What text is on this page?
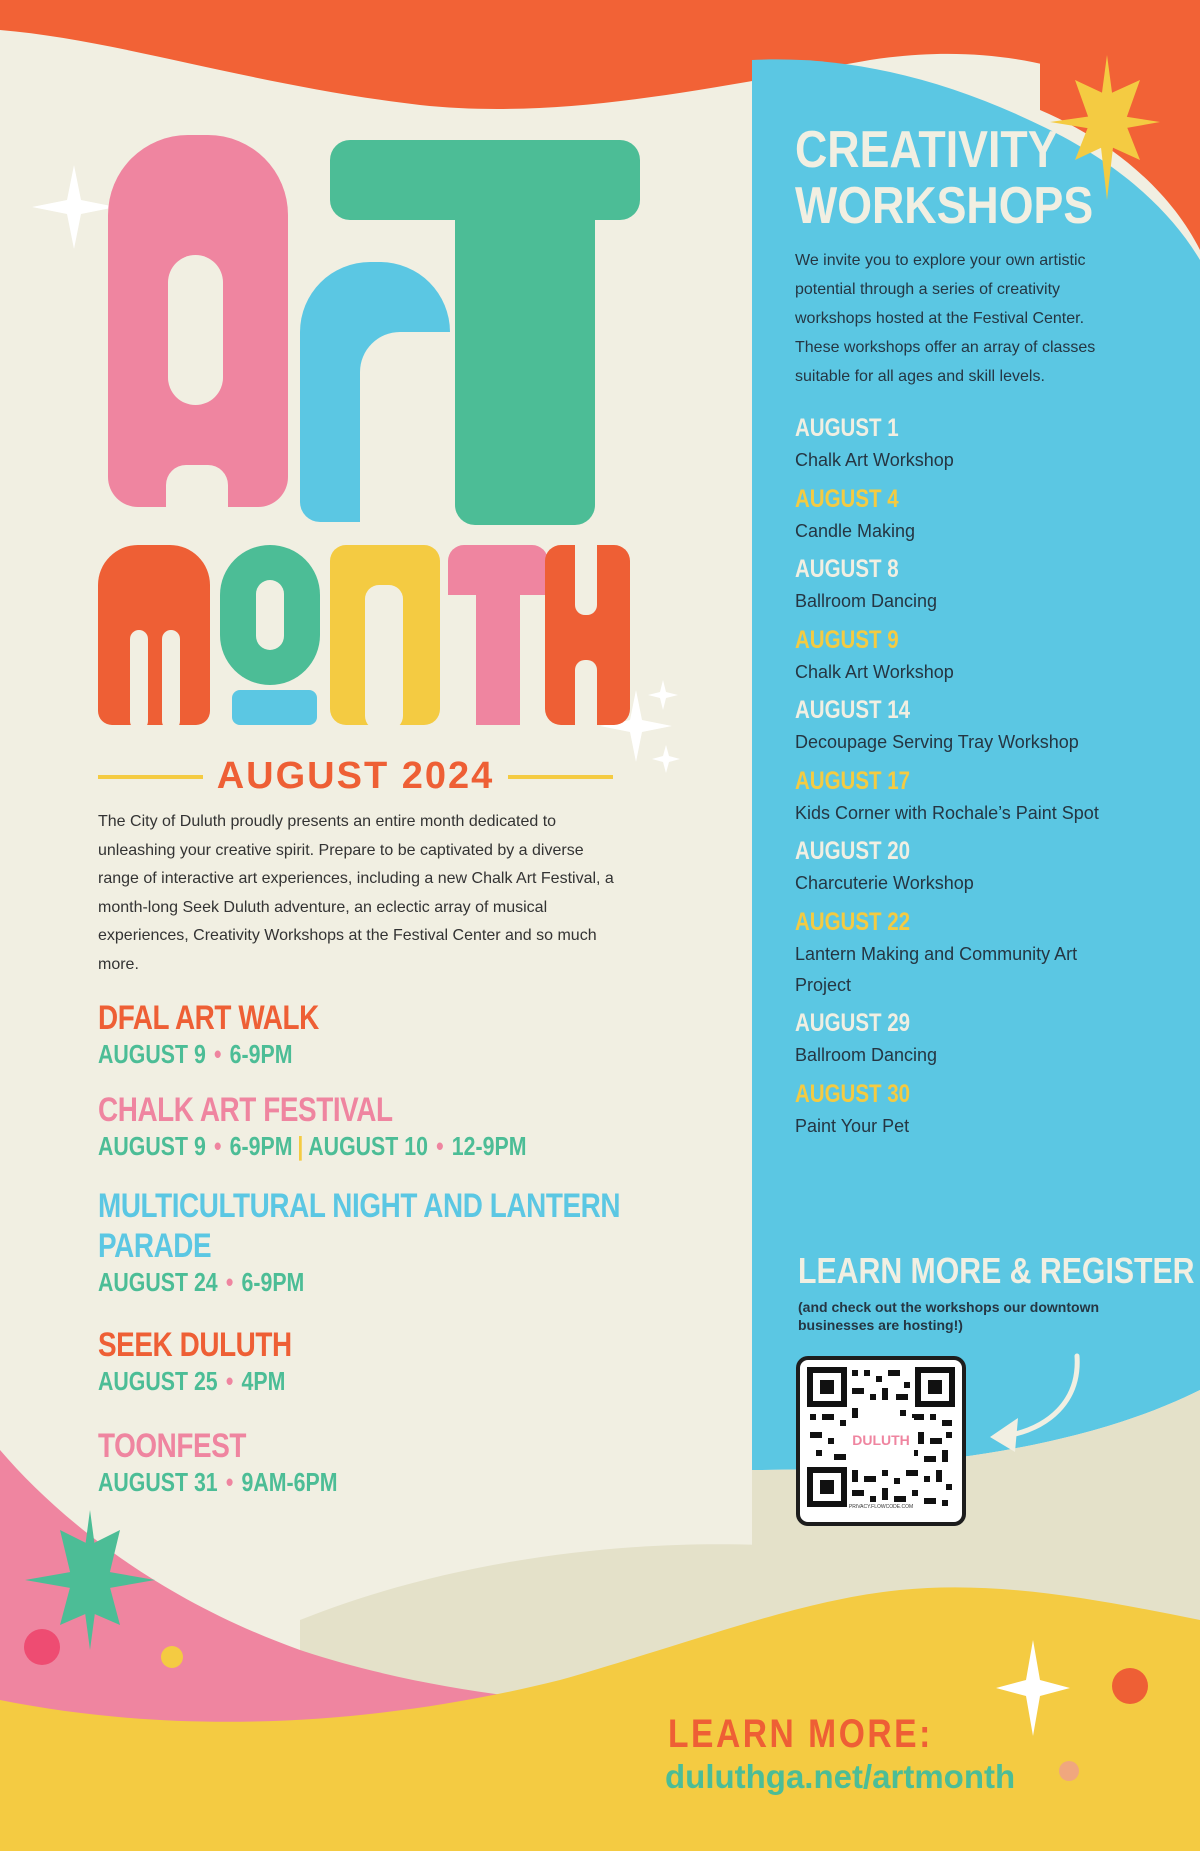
AUGUST 2024
The City of Duluth proudly presents an entire month dedicated to unleashing your creative spirit. Prepare to be captivated by a diverse range of interactive art experiences, including a new Chalk Art Festival, a month-long Seek Duluth adventure, an eclectic array of musical experiences, Creativity Workshops at the Festival Center and so much more.
DFAL ART WALK
AUGUST 9 • 6-9PM
CHALK ART FESTIVAL
AUGUST 9 • 6-9PM | AUGUST 10 • 12-9PM
MULTICULTURAL NIGHT AND LANTERN
PARADE
AUGUST 24 • 6-9PM
SEEK DULUTH
AUGUST 25 • 4PM
TOONFEST
AUGUST 31 • 9AM-6PM
CREATIVITY
WORKSHOPS
We invite you to explore your own artistic potential through a series of creativity workshops hosted at the Festival Center. These workshops offer an array of classes suitable for all ages and skill levels.
AUGUST 1
Chalk Art Workshop
AUGUST 4
Candle Making
AUGUST 8
Ballroom Dancing
AUGUST 9
Chalk Art Workshop
AUGUST 14
Decoupage Serving Tray Workshop
AUGUST 17
Kids Corner with Rochale’s Paint Spot
AUGUST 20
Charcuterie Workshop
AUGUST 22
Lantern Making and Community Art Project
AUGUST 29
Ballroom Dancing
AUGUST 30
Paint Your Pet
LEARN MORE & REGISTER
(and check out the workshops our downtown businesses are hosting!)
PRIVACY.FLOWCODE.COM
DULUTH
LEARN MORE:
duluthga.net/artmonth
